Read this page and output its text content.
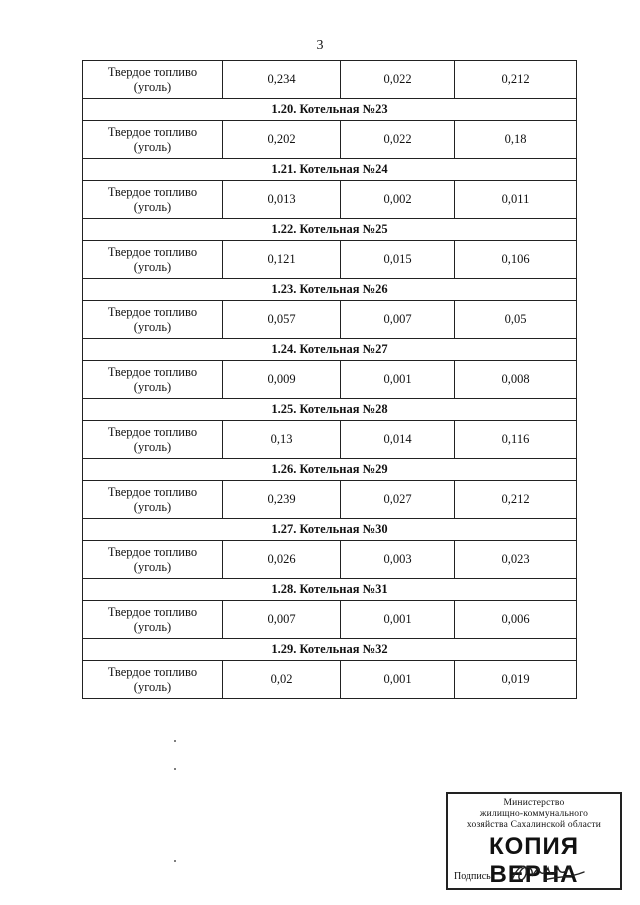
3
Твердое топливо
(уголь)	0,234	0,022	0,212
1.20. Котельная №23			
Твердое топливо
(уголь)	0,202	0,022	0,18
1.21. Котельная №24			
Твердое топливо
(уголь)	0,013	0,002	0,011
1.22. Котельная №25			
Твердое топливо
(уголь)	0,121	0,015	0,106
1.23. Котельная №26			
Твердое топливо
(уголь)	0,057	0,007	0,05
1.24. Котельная №27			
Твердое топливо
(уголь)	0,009	0,001	0,008
1.25. Котельная №28			
Твердое топливо
(уголь)	0,13	0,014	0,116
1.26. Котельная №29			
Твердое топливо
(уголь)	0,239	0,027	0,212
1.27. Котельная №30			
Твердое топливо
(уголь)	0,026	0,003	0,023
1.28. Котельная №31			
Твердое топливо
(уголь)	0,007	0,001	0,006
1.29. Котельная №32			
Твердое топливо
(уголь)	0,02	0,001	0,019
Министерство
жилищно-коммунального
хозяйства Сахалинской области
КОПИЯ ВЕРНА
Подпись
